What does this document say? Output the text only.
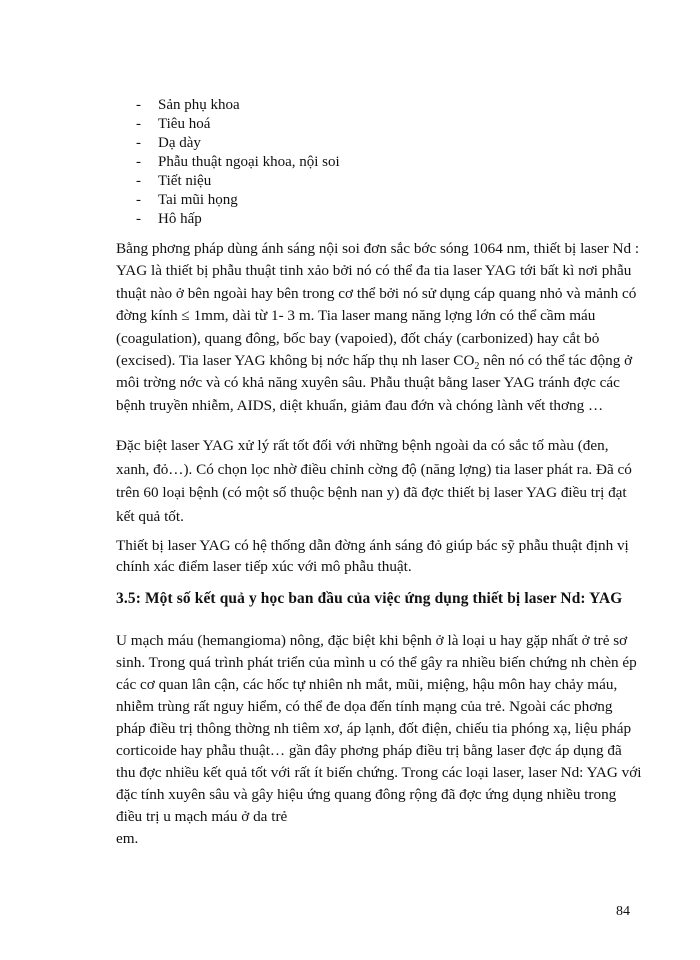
-	Sản phụ khoa
-	Tiêu hoá
-	Dạ dày
-	Phẫu thuật ngoại khoa, nội soi
-	Tiết niệu
-	Tai mũi họng
-	Hô hấp

Bằng phơng pháp dùng ánh sáng nội soi đơn sắc bớc sóng 1064 nm, thiết bị laser Nd : YAG là thiết bị phẫu thuật tinh xảo bởi nó có thể đa tia laser YAG tới bất kì nơi phẫu thuật nào ở bên ngoài hay bên trong cơ thể bởi nó sử dụng cáp quang nhỏ và mảnh có đờng kính ≤ 1mm, dài từ 1- 3 m. Tia laser mang năng lợng lớn có thể cầm máu (coagulation), quang đông, bốc bay (vapoied), đốt cháy (carbonized) hay cắt bỏ (excised). Tia laser YAG không bị nớc hấp thụ nh laser $CO_2$ nên nó có thể tác động ở môi trờng nớc và có khả năng xuyên sâu. Phẫu thuật bằng laser YAG tránh đợc các bệnh truyền nhiễm, AIDS, diệt khuẩn, giảm đau đớn và chóng lành vết thơng …

Đặc biệt laser YAG xử lý rất tốt đối với những bệnh ngoài da có sắc tố màu (đen, xanh, đỏ…). Có chọn lọc nhờ điều chỉnh cờng độ (năng lợng) tia laser phát ra. Đã có trên 60 loại bệnh (có một số thuộc bệnh nan y) đã đợc thiết bị laser YAG điều trị đạt kết quả tốt.

Thiết bị laser YAG có hệ thống dẫn đờng ánh sáng đỏ giúp bác sỹ phẫu thuật định vị chính xác điểm laser tiếp xúc với mô phẫu thuật.

3.5: Một số kết quả y học ban đầu của việc ứng dụng thiết bị laser Nd: YAG

U mạch máu (hemangioma) nông, đặc biệt khi bệnh ở là loại u hay gặp nhất ở trẻ sơ sinh. Trong quá trình phát triển của mình u có thể gây ra nhiều biến chứng nh chèn ép các cơ quan lân cận, các hốc tự nhiên nh mắt, mũi, miệng, hậu môn hay chảy máu, nhiễm trùng rất nguy hiểm, có thể đe dọa đến tính mạng của trẻ. Ngoài các phơng pháp điều trị thông thờng nh tiêm xơ, áp lạnh, đốt điện, chiếu tia phóng xạ, liệu pháp corticoide hay phẫu thuật… gần đây phơng pháp điều trị bằng laser đợc áp dụng đã thu đợc nhiều kết quả tốt với rất ít biến chứng. Trong các loại laser, laser Nd: YAG với đặc tính xuyên sâu và gây hiệu ứng quang đông rộng đã đợc ứng dụng nhiều trong điều trị u mạch máu ở da trẻ
em.

84
